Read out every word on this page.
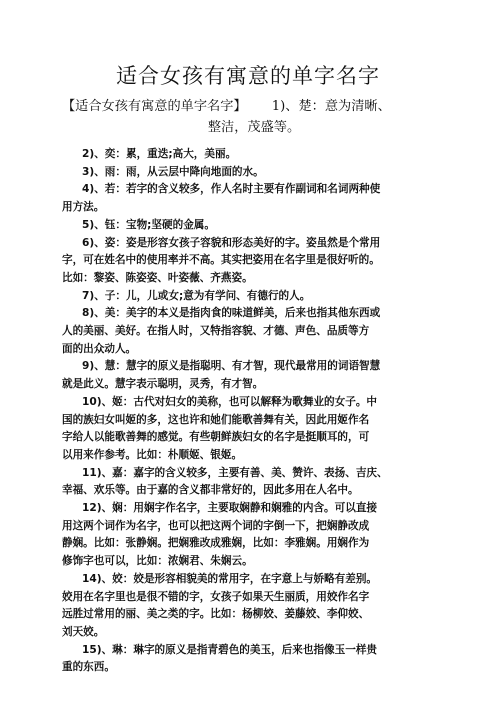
适合女孩有寓意的单字名字
【适合女孩有寓意的单字名字】      1)、楚：意为清晰、
整洁，茂盛等。
2)、奕：累，重迭;高大，美丽。
3)、雨：雨，从云层中降向地面的水。
4)、若：若字的含义较多，作人名时主要有作副词和名词两种使
用方法。
5)、钰：宝物;坚硬的金属。
6)、姿：姿是形容女孩子容貌和形态美好的字。姿虽然是个常用
字，可在姓名中的使用率并不高。其实把姿用在名字里是很好听的。
比如：黎姿、陈姿姿、叶姿薇、齐燕姿。
7)、子：儿，儿或女;意为有学问、有德行的人。
8)、美：美字的本义是指肉食的味道鲜美，后来也指其他东西或
人的美丽、美好。在指人时，又特指容貌、才德、声色、品质等方
面的出众动人。
9)、慧：慧字的原义是指聪明、有才智，现代最常用的词语智慧
就是此义。慧字表示聪明，灵秀，有才智。
10)、姬：古代对妇女的美称，也可以解释为歌舞业的女子。中
国的族妇女叫姬的多，这也许和她们能歌善舞有关，因此用姬作名
字给人以能歌善舞的感觉。有些朝鲜族妇女的名字是挺顺耳的，可
以用来作参考。比如：朴顺姬、银姬。
11)、嘉：嘉字的含义较多，主要有善、美、赞许、表扬、吉庆、
幸福、欢乐等。由于嘉的含义都非常好的，因此多用在人名中。
12)、娴：用娴字作名字，主要取娴静和娴雅的内含。可以直接
用这两个词作为名字，也可以把这两个词的字倒一下，把娴静改成
静娴。比如：张静娴。把娴雅改成雅娴，比如：李雅娴。用娴作为
修饰字也可以，比如：浓娴君、朱娴云。
14)、姣：姣是形容相貌美的常用字，在字意上与娇略有差别。
姣用在名字里也是很不错的字，女孩子如果天生丽质，用姣作名字
远胜过常用的丽、美之类的字。比如：杨柳姣、姜藤姣、李仰姣、
刘天姣。
15)、琳：琳字的原义是指青碧色的美玉，后来也指像玉一样贵
重的东西。
